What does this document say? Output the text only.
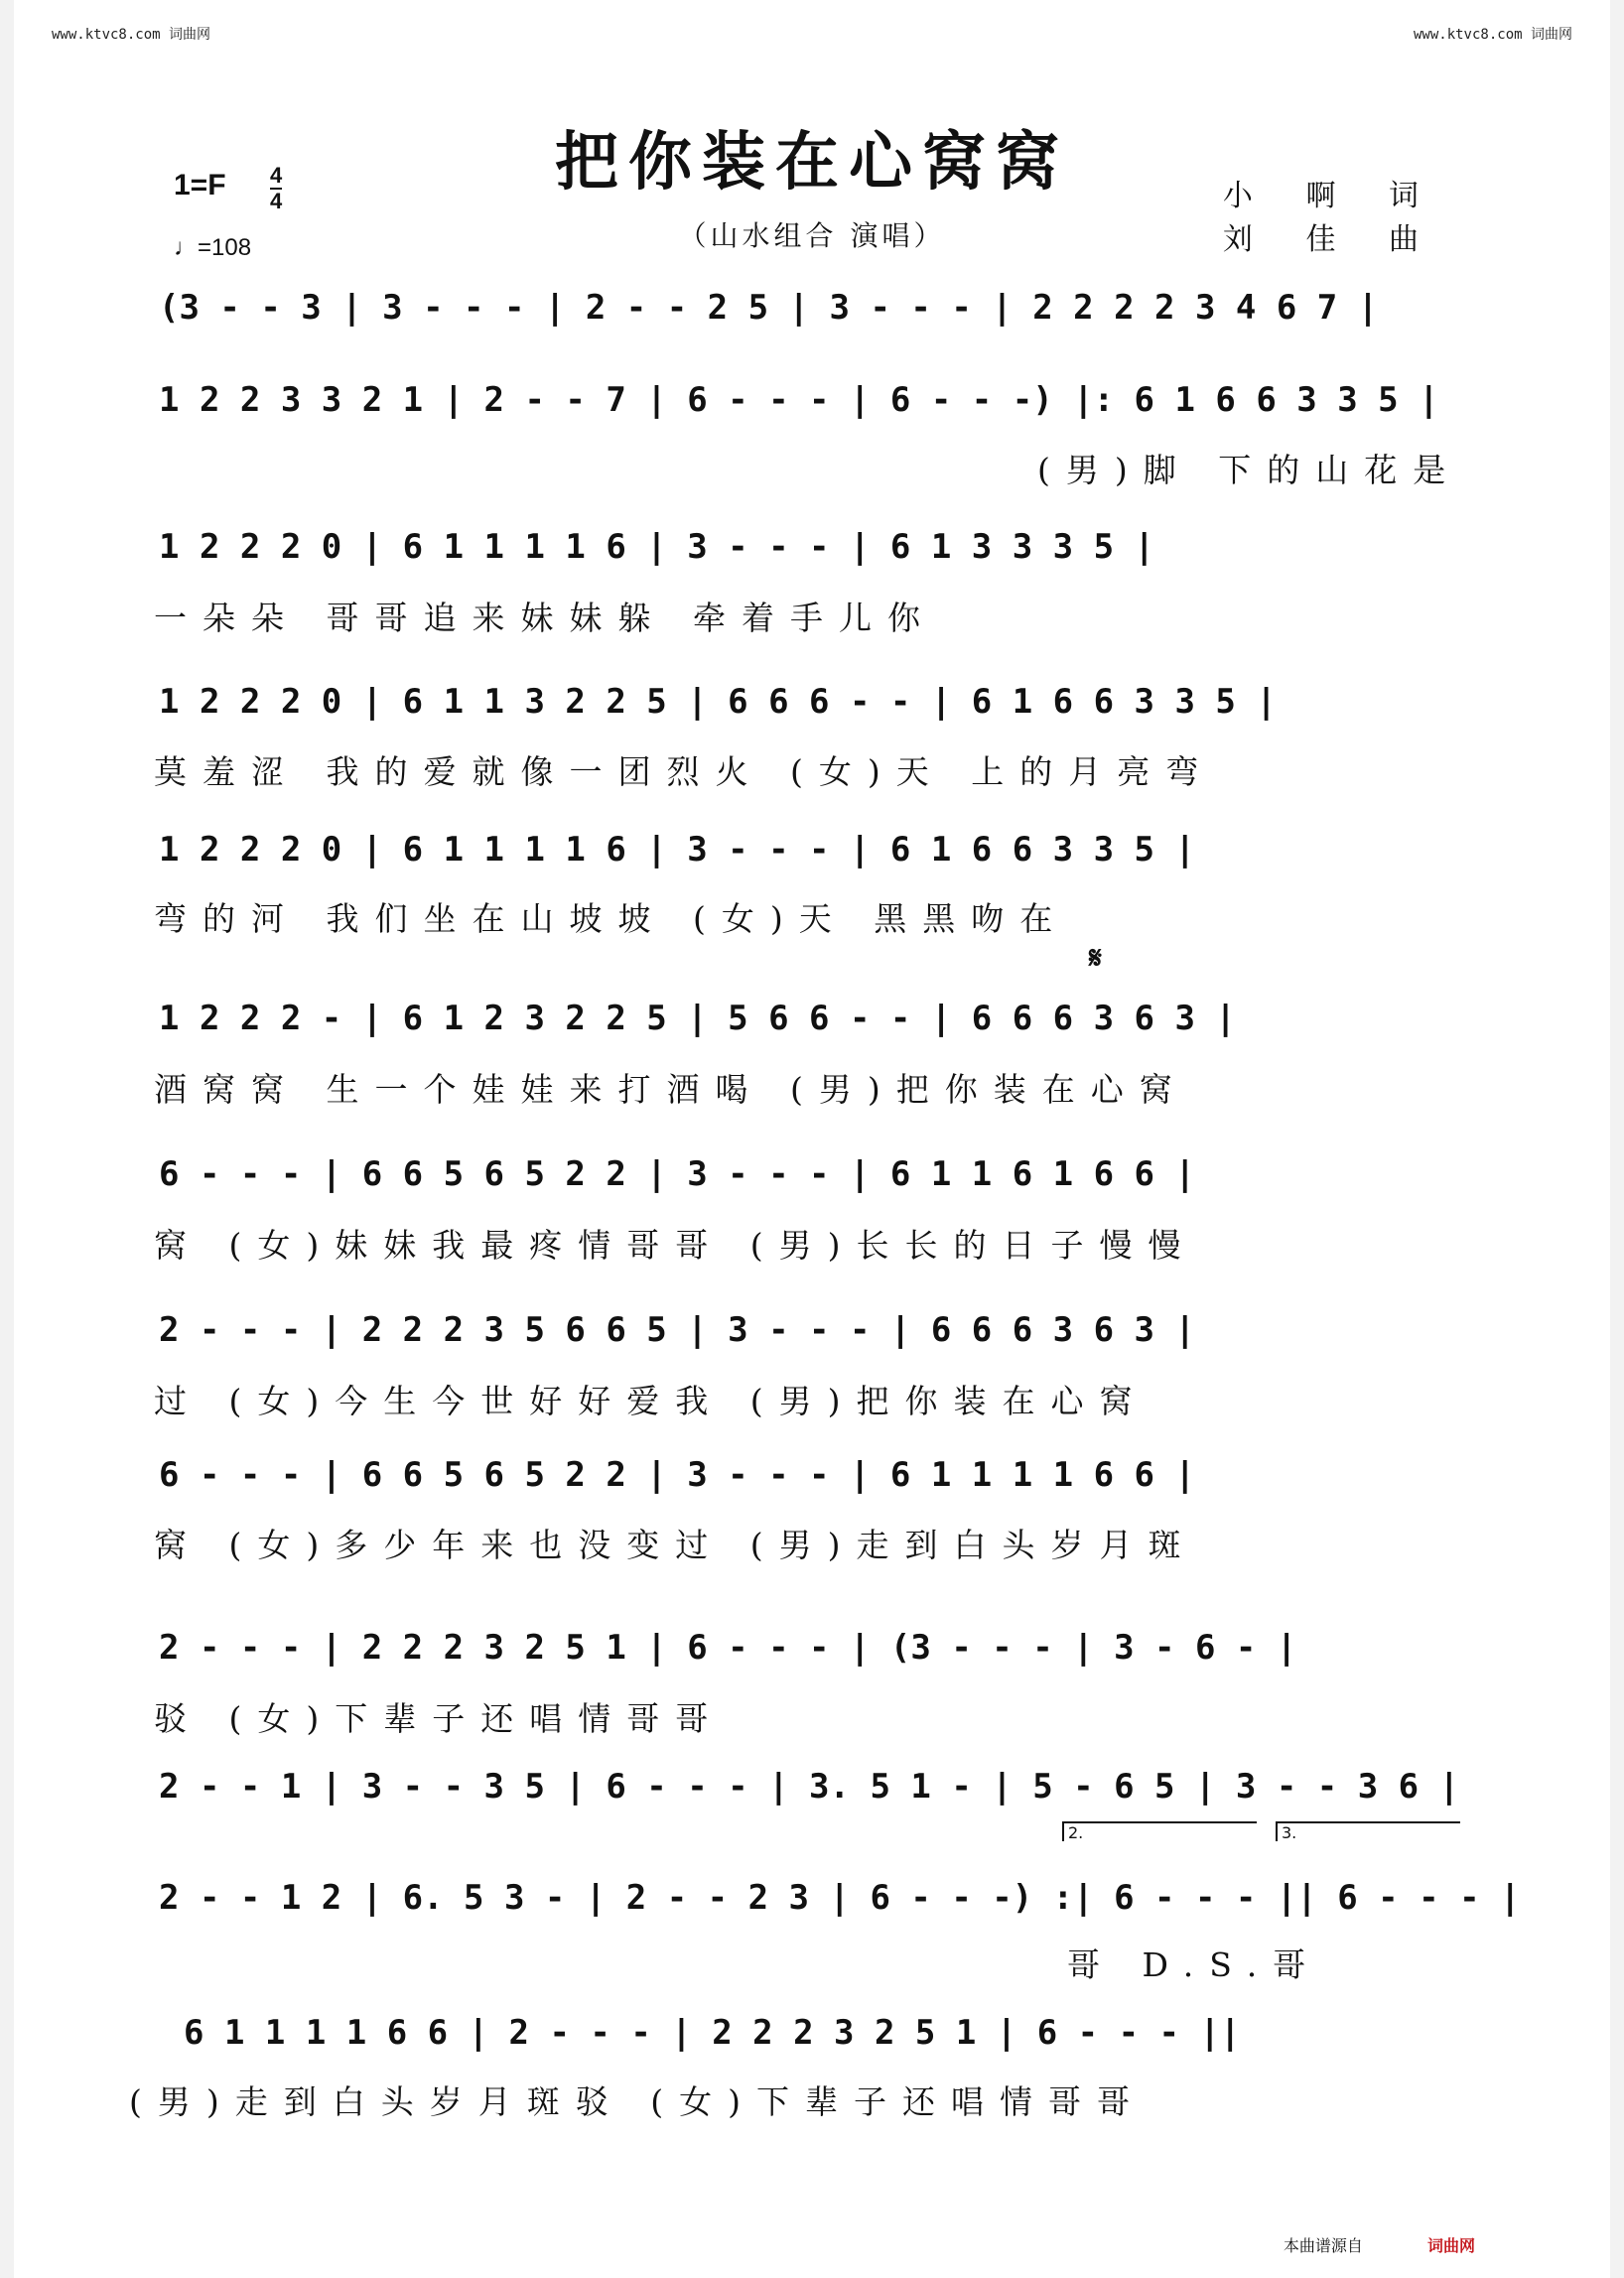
www.ktvc8.com 词曲网	www.ktvc8.com 词曲网
把你装在心窝窝
（山水组合 演唱）
1=F 4
4
♩=108
小 啊 词
刘 佳 曲
(3 - - 3 | 3 - - - | 2 - - 2 5 | 3 - - - | 2 2 2 2 3 4 6 7 |
1 2 2 3 3 2 1 | 2 - - 7 | 6 - - - | 6 - - -) |: 6 1 6 6 3 3 5 |
(男)脚 下的山花是
1 2 2 2 0 | 6 1 1 1 1 6 | 3 - - - | 6 1 3 3 3 5 |
一朵朵 哥哥追来妹妹躲 牵着手儿你
1 2 2 2 0 | 6 1 1 3 2 2 5 | 6 6 6 - - | 6 1 6 6 3 3 5 |
莫羞涩 我的爱就像一团烈火 (女)天 上的月亮弯
1 2 2 2 0 | 6 1 1 1 1 6 | 3 - - - | 6 1 6 6 3 3 5 |
弯的河 我们坐在山坡坡 (女)天 黑黑吻在
𝄋
1 2 2 2 - | 6 1 2 3 2 2 5 | 5 6 6 - - | 6 6 6 3 6 3 |
酒窝窝 生一个娃娃来打酒喝 (男)把你装在心窝
6 - - - | 6 6 5 6 5 2 2 | 3 - - - | 6 1 1 6 1 6 6 |
窝 (女)妹妹我最疼情哥哥 (男)长长的日子慢慢
2 - - - | 2 2 2 3 5 6 6 5 | 3 - - - | 6 6 6 3 6 3 |
过 (女)今生今世好好爱我 (男)把你装在心窝
6 - - - | 6 6 5 6 5 2 2 | 3 - - - | 6 1 1 1 1 6 6 |
窝 (女)多少年来也没变过 (男)走到白头岁月斑
2 - - - | 2 2 2 3 2 5 1 | 6 - - - | (3 - - - | 3 - 6 - |
驳 (女)下辈子还唱情哥哥
2 - - 1 | 3 - - 3 5 | 6 - - - | 3. 5 1 - | 5 - 6 5 | 3 - - 3 6 |
2.	3.
2 - - 1 2 | 6. 5 3 - | 2 - - 2 3 | 6 - - -) :| 6 - - - || 6 - - - |
哥 D.S.哥
6 1 1 1 1 6 6 | 2 - - - | 2 2 2 3 2 5 1 | 6 - - - ||
(男)走到白头岁月斑驳 (女)下辈子还唱情哥哥
本曲谱源自	词曲网
